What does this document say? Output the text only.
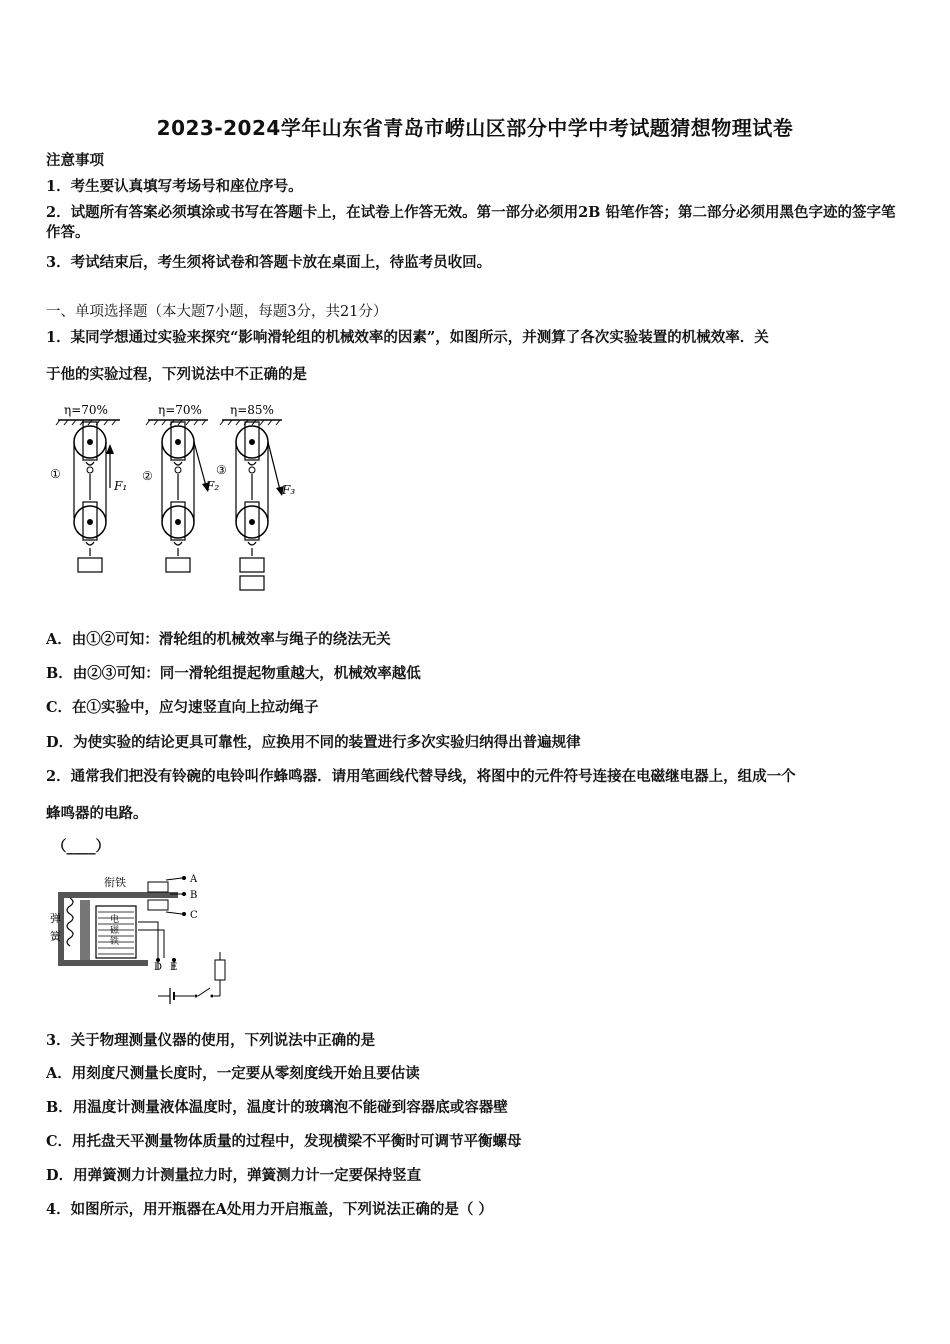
2023-2024学年山东省青岛市崂山区部分中学中考试题猜想物理试卷
注意事项
1．考生要认真填写考场号和座位序号。
2．试题所有答案必须填涂或书写在答题卡上，在试卷上作答无效。第一部分必须用2B 铅笔作答；第二部分必须用黑色字迹的签字笔作答。
3．考试结束后，考生须将试卷和答题卡放在桌面上，待监考员收回。
一、单项选择题（本大题7小题，每题3分，共21分）
1．某同学想通过实验来探究“影响滑轮组的机械效率的因素”，如图所示，并测算了各次实验装置的机械效率．关
于他的实验过程，下列说法中不正确的是
η=70%
F₁
①
η=70%
F₂
②
η=85%
F₃
③
A．由①②可知：滑轮组的机械效率与绳子的绕法无关
B．由②③可知：同一滑轮组提起物重越大，机械效率越低
C．在①实验中，应匀速竖直向上拉动绳子
D．为使实验的结论更具可靠性，应换用不同的装置进行多次实验归纳得出普遍规律
2．通常我们把没有铃碗的电铃叫作蜂鸣器．请用笔画线代替导线，将图中的元件符号连接在电磁继电器上，组成一个
蜂鸣器的电路。
（____）
弹
簧
衔铁
电
磁
铁
A
B
C
D E
3．关于物理测量仪器的使用，下列说法中正确的是
A．用刻度尺测量长度时，一定要从零刻度线开始且要估读
B．用温度计测量液体温度时，温度计的玻璃泡不能碰到容器底或容器壁
C．用托盘天平测量物体质量的过程中，发现横梁不平衡时可调节平衡螺母
D．用弹簧测力计测量拉力时，弹簧测力计一定要保持竖直
4．如图所示，用开瓶器在A处用力开启瓶盖，下列说法正确的是（ ）
